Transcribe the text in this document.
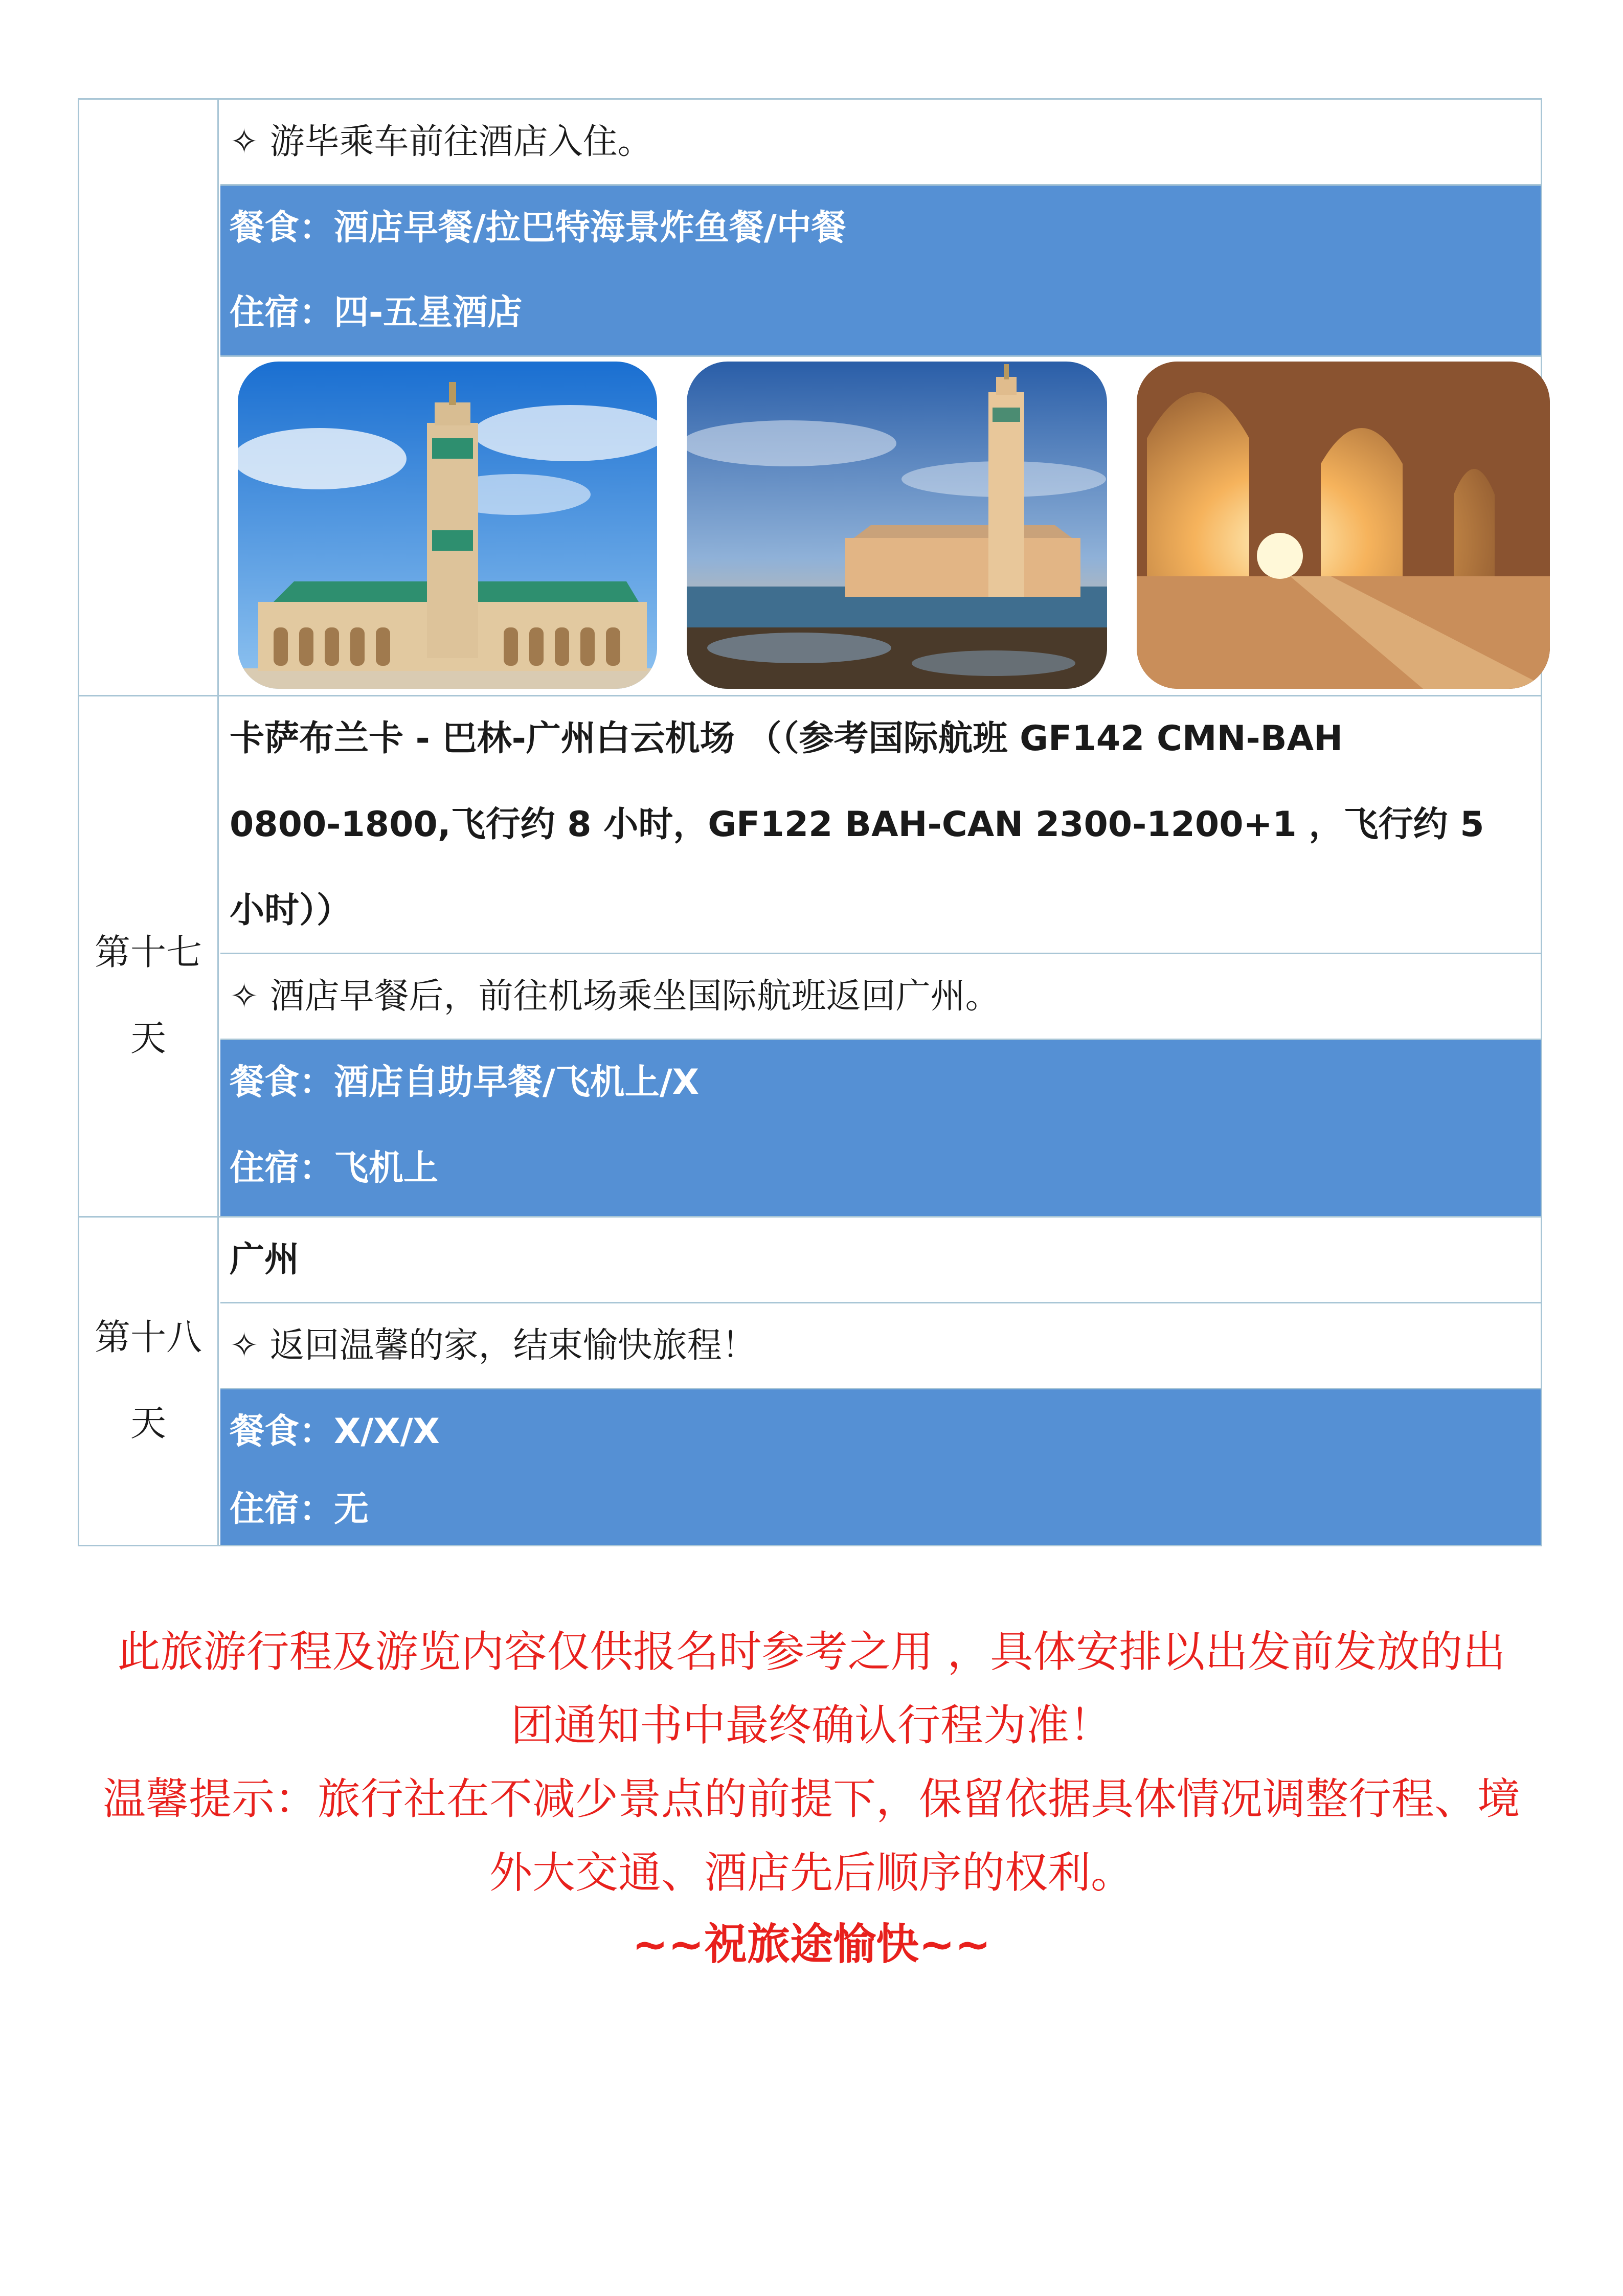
✧ 游毕乘车前往酒店入住。
餐食：酒店早餐/拉巴特海景炸鱼餐/中餐
住宿：四-五星酒店
第十七
天
卡萨布兰卡 - 巴林-广州白云机场 （（参考国际航班 GF142 CMN-BAH
0800-1800,飞行约 8 小时，GF122 BAH-CAN 2300-1200+1 ，飞行约 5
小时））
✧ 酒店早餐后，前往机场乘坐国际航班返回广州。
餐食：酒店自助早餐/飞机上/X
住宿：飞机上
第十八
天
广州
✧ 返回温馨的家，结束愉快旅程！
餐食：X/X/X
住宿：无
此旅游行程及游览内容仅供报名时参考之用 ，具体安排以出发前发放的出
团通知书中最终确认行程为准！
温馨提示：旅行社在不减少景点的前提下，保留依据具体情况调整行程、境
外大交通、酒店先后顺序的权利。
~~祝旅途愉快~~
